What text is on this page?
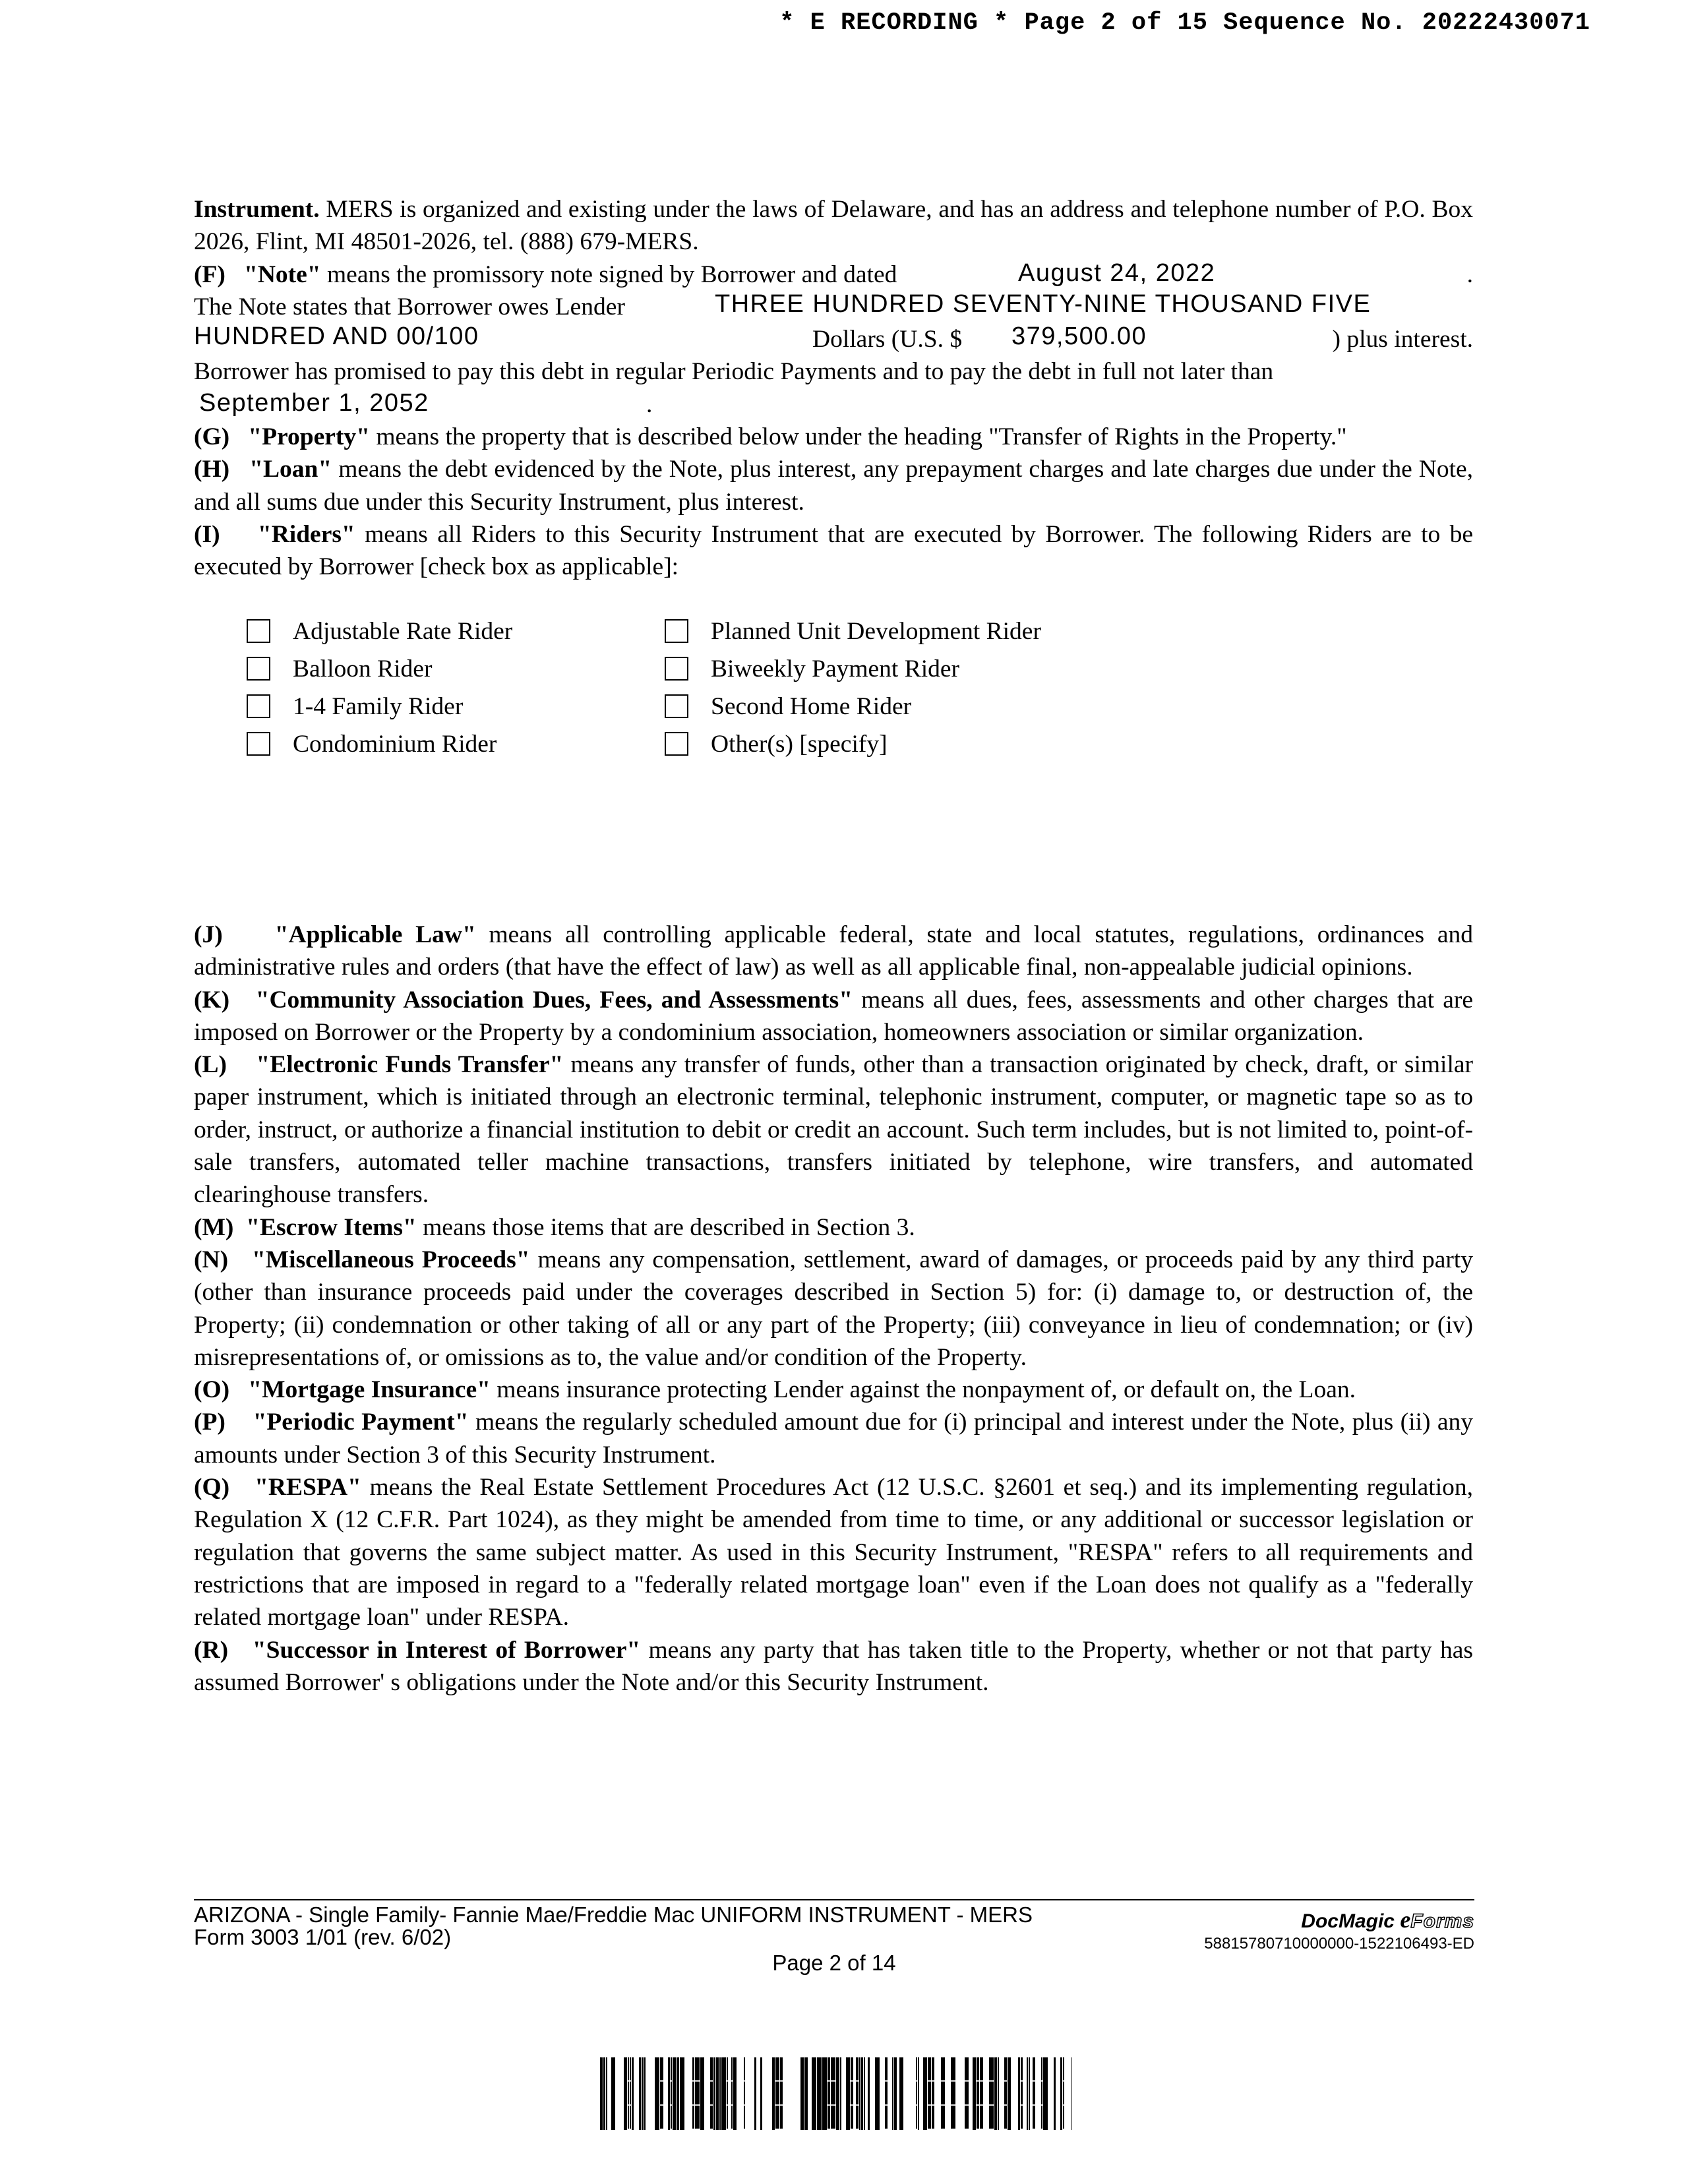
* E RECORDING * Page 2 of 15 Sequence No. 20222430071

Instrument. MERS is organized and existing under the laws of Delaware, and has an address and telephone number of P.O. Box 2026, Flint, MI 48501-2026, tel. (888) 679-MERS.

(F) "Note" means the promissory note signed by Borrower and dated	August 24, 2022	.
The Note states that Borrower owes Lender	THREE HUNDRED SEVENTY-NINE THOUSAND FIVE
HUNDRED AND 00/100	Dollars (U.S. $ 379,500.00	) plus interest.

Borrower has promised to pay this debt in regular Periodic Payments and to pay the debt in full not later than

September 1, 2052	.

(G) "Property" means the property that is described below under the heading "Transfer of Rights in the Property."

(H) "Loan" means the debt evidenced by the Note, plus interest, any prepayment charges and late charges due under the Note, and all sums due under this Security Instrument, plus interest.

(I) "Riders" means all Riders to this Security Instrument that are executed by Borrower. The following Riders are to be executed by Borrower [check box as applicable]:

Adjustable Rate Rider
Balloon Rider
1-4 Family Rider
Condominium Rider
Planned Unit Development Rider
Biweekly Payment Rider
Second Home Rider
Other(s) [specify]

(J) "Applicable Law" means all controlling applicable federal, state and local statutes, regulations, ordinances and administrative rules and orders (that have the effect of law) as well as all applicable final, non-appealable judicial opinions.

(K) "Community Association Dues, Fees, and Assessments" means all dues, fees, assessments and other charges that are imposed on Borrower or the Property by a condominium association, homeowners association or similar organization.

(L) "Electronic Funds Transfer" means any transfer of funds, other than a transaction originated by check, draft, or similar paper instrument, which is initiated through an electronic terminal, telephonic instrument, computer, or magnetic tape so as to order, instruct, or authorize a financial institution to debit or credit an account. Such term includes, but is not limited to, point-of-sale transfers, automated teller machine transactions, transfers initiated by telephone, wire transfers, and automated clearinghouse transfers.

(M) "Escrow Items" means those items that are described in Section 3.

(N) "Miscellaneous Proceeds" means any compensation, settlement, award of damages, or proceeds paid by any third party (other than insurance proceeds paid under the coverages described in Section 5) for: (i) damage to, or destruction of, the Property; (ii) condemnation or other taking of all or any part of the Property; (iii) conveyance in lieu of condemnation; or (iv) misrepresentations of, or omissions as to, the value and/or condition of the Property.

(O) "Mortgage Insurance" means insurance protecting Lender against the nonpayment of, or default on, the Loan.

(P) "Periodic Payment" means the regularly scheduled amount due for (i) principal and interest under the Note, plus (ii) any amounts under Section 3 of this Security Instrument.

(Q) "RESPA" means the Real Estate Settlement Procedures Act (12 U.S.C. §2601 et seq.) and its implementing regulation, Regulation X (12 C.F.R. Part 1024), as they might be amended from time to time, or any additional or successor legislation or regulation that governs the same subject matter. As used in this Security Instrument, "RESPA" refers to all requirements and restrictions that are imposed in regard to a "federally related mortgage loan" even if the Loan does not qualify as a "federally related mortgage loan" under RESPA.

(R) "Successor in Interest of Borrower" means any party that has taken title to the Property, whether or not that party has assumed Borrower' s obligations under the Note and/or this Security Instrument.

ARIZONA - Single Family- Fannie Mae/Freddie Mac UNIFORM INSTRUMENT - MERS
Form 3003 1/01 (rev. 6/02)
Page 2 of 14
DocMagic eForms
58815780710000000-1522106493-ED
